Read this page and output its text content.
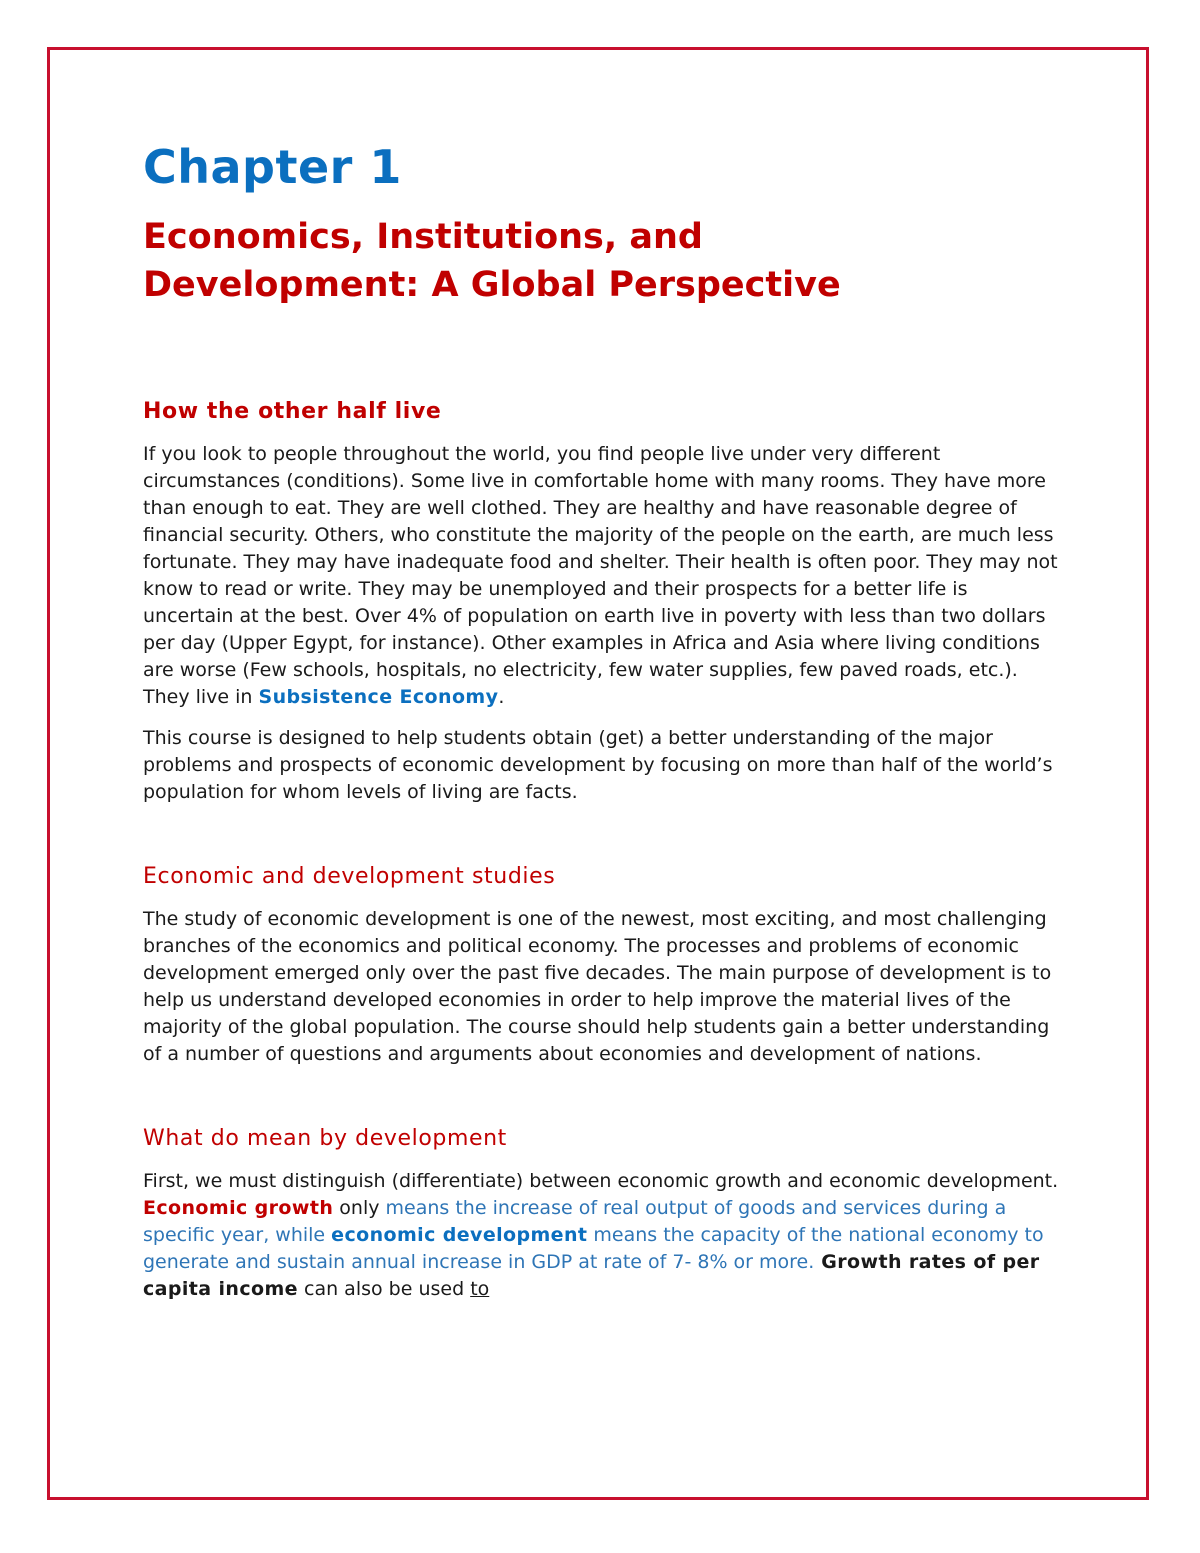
Chapter 1
Economics, Institutions, and
Development: A Global Perspective
How the other half live

If you look to people throughout the world, you find people live under very different circumstances (conditions). Some live in comfortable home with many rooms. They have more than enough to eat. They are well clothed. They are healthy and have reasonable degree of financial security. Others, who constitute the majority of the people on the earth, are much less fortunate. They may have inadequate food and shelter. Their health is often poor. They may not know to read or write. They may be unemployed and their prospects for a better life is uncertain at the best. Over 4% of population on earth live in poverty with less than two dollars per day (Upper Egypt, for instance). Other examples in Africa and Asia where living conditions are worse (Few schools, hospitals, no electricity, few water supplies, few paved roads, etc.). They live in Subsistence Economy.

This course is designed to help students obtain (get) a better understanding of the major problems and prospects of economic development by focusing on more than half of the world’s population for whom levels of living are facts.

Economic and development studies

The study of economic development is one of the newest, most exciting, and most challenging branches of the economics and political economy. The processes and problems of economic development emerged only over the past five decades. The main purpose of development is to help us understand developed economies in order to help improve the material lives of the majority of the global population. The course should help students gain a better understanding of a number of questions and arguments about economies and development of nations.

What do mean by development

First, we must distinguish (differentiate) between economic growth and economic development. Economic growth only means the increase of real output of goods and services during a specific year, while economic development means the capacity of the national economy to generate and sustain annual increase in GDP at rate of 7- 8% or more. Growth rates of per capita income can also be used to
